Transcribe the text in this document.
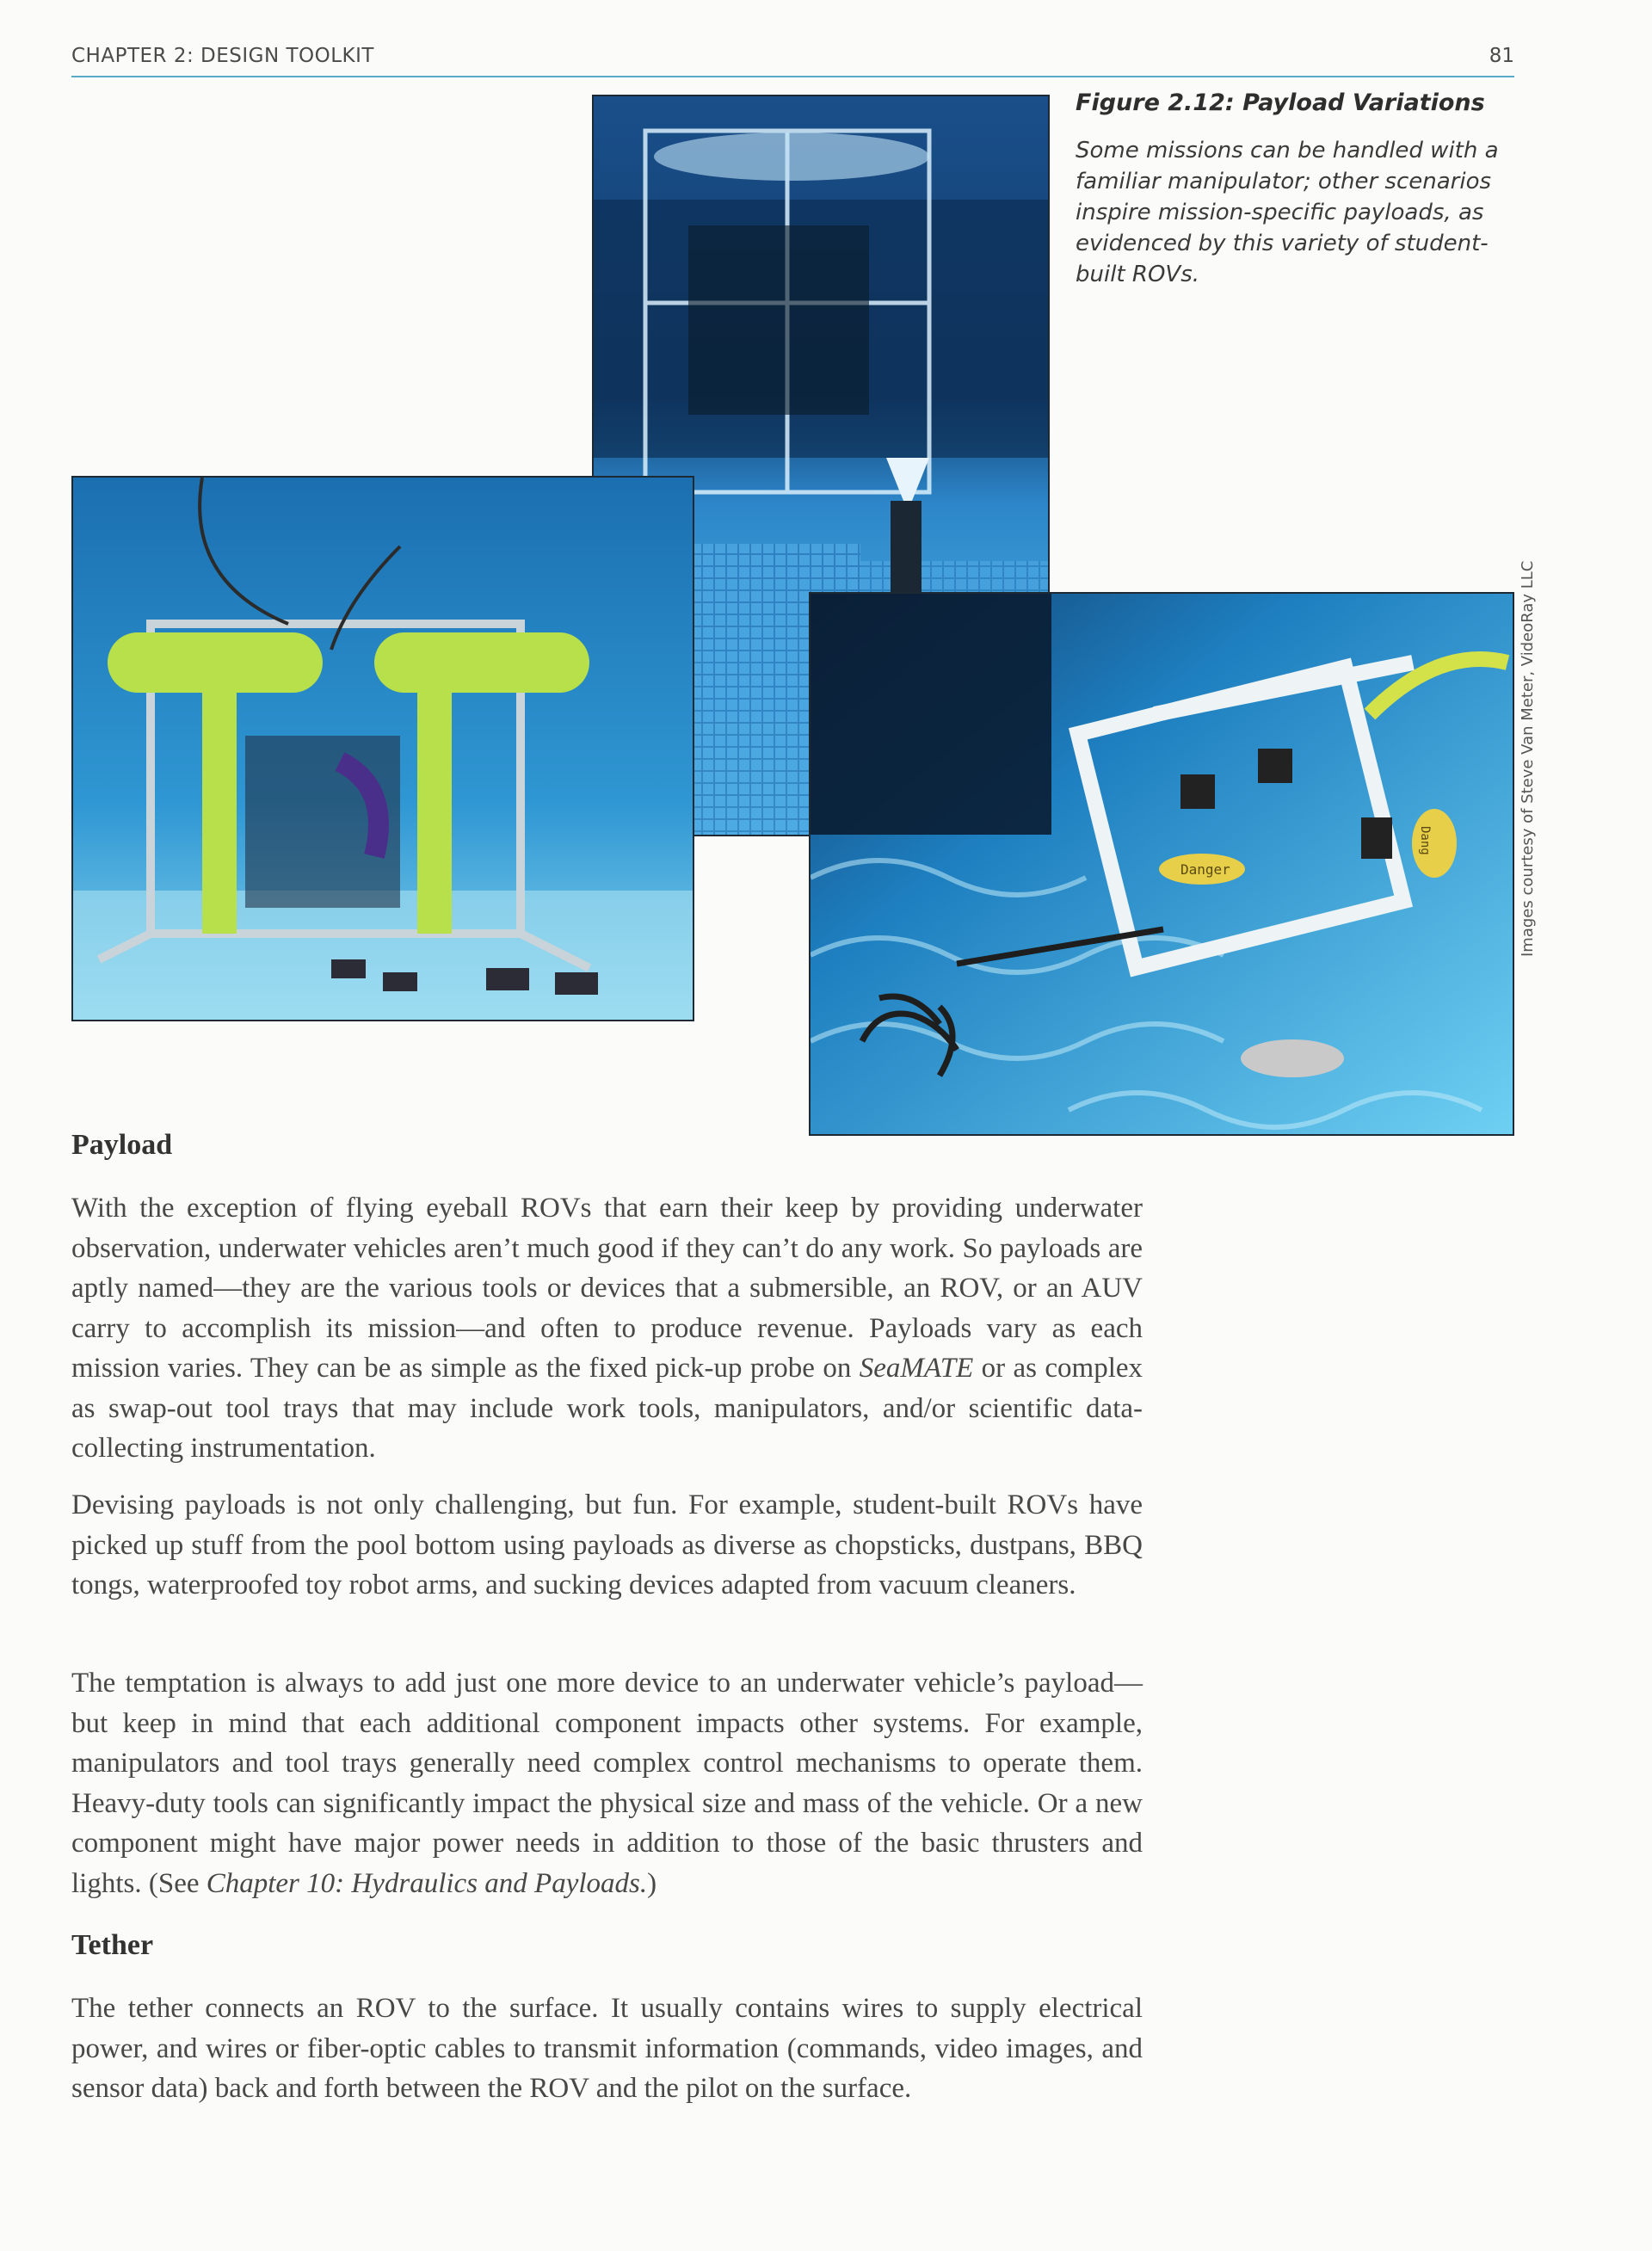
CHAPTER 2: DESIGN TOOLKIT	81
Danger
Dang

Figure 2.12: Payload Variations

Some missions can be handled with a familiar manipulator; other scenarios inspire mission-specific payloads, as evidenced by this variety of student-built ROVs.

Images courtesy of Steve Van Meter, VideoRay LLC
Payload

With the exception of flying eyeball ROVs that earn their keep by providing underwater observation, underwater vehicles aren’t much good if they can’t do any work. So payloads are aptly named—they are the various tools or devices that a submersible, an ROV, or an AUV carry to accomplish its mission—and often to produce revenue. Payloads vary as each mission varies. They can be as simple as the fixed pick-up probe on SeaMATE or as complex as swap-out tool trays that may include work tools, manipulators, and/or scientific data-collecting instrumentation.

Devising payloads is not only challenging, but fun. For example, student-built ROVs have picked up stuff from the pool bottom using payloads as diverse as chopsticks, dustpans, BBQ tongs, waterproofed toy robot arms, and sucking devices adapted from vacuum cleaners.

The temptation is always to add just one more device to an underwater vehicle’s payload—but keep in mind that each additional component impacts other systems. For example, manipulators and tool trays generally need complex control mechanisms to operate them. Heavy-duty tools can significantly impact the physical size and mass of the vehicle. Or a new component might have major power needs in addition to those of the basic thrusters and lights. (See Chapter 10: Hydraulics and Payloads.)

Tether

The tether connects an ROV to the surface. It usually contains wires to supply electrical power, and wires or fiber-optic cables to transmit information (commands, video images, and sensor data) back and forth between the ROV and the pilot on the surface.
